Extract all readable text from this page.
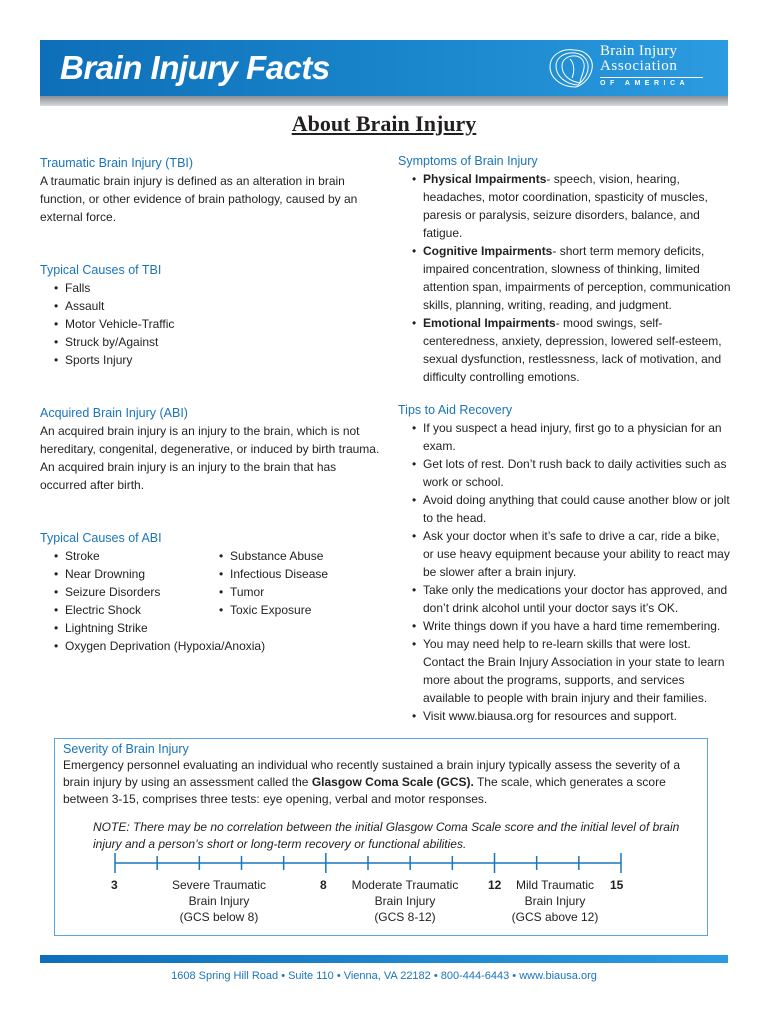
Brain Injury Facts	Brain Injury
Association
OF AMERICA
About Brain Injury
Traumatic Brain Injury (TBI)

A traumatic brain injury is defined as an alteration in brain function, or other evidence of brain pathology, caused by an external force.

Typical Causes of TBI
• Falls
• Assault
• Motor Vehicle-Traffic
• Struck by/Against
• Sports Injury
Acquired Brain Injury (ABI)

An acquired brain injury is an injury to the brain, which is not hereditary, congenital, degenerative, or induced by birth trauma. An acquired brain injury is an injury to the brain that has occurred after birth.

Typical Causes of ABI
• Stroke
• Near Drowning
• Seizure Disorders
• Electric Shock
• Substance Abuse
• Infectious Disease
• Tumor
• Toxic Exposure
• Lightning Strike
• Oxygen Deprivation (Hypoxia/Anoxia)
Symptoms of Brain Injury
• Physical Impairments- speech, vision, hearing, headaches, motor coordination, spasticity of muscles, paresis or paralysis, seizure disorders, balance, and fatigue.
• Cognitive Impairments- short term memory deficits, impaired concentration, slowness of thinking, limited attention span, impairments of perception, communication skills, planning, writing, reading, and judgment.
• Emotional Impairments- mood swings, self-centeredness, anxiety, depression, lowered self-esteem, sexual dysfunction, restlessness, lack of motivation, and difficulty controlling emotions.
Tips to Aid Recovery
• If you suspect a head injury, first go to a physician for an exam.
• Get lots of rest. Don’t rush back to daily activities such as work or school.
• Avoid doing anything that could cause another blow or jolt to the head.
• Ask your doctor when it’s safe to drive a car, ride a bike, or use heavy equipment because your ability to react may be slower after a brain injury.
• Take only the medications your doctor has approved, and don’t drink alcohol until your doctor says it’s OK.
• Write things down if you have a hard time remembering.
• You may need help to re-learn skills that were lost. Contact the Brain Injury Association in your state to learn more about the programs, supports, and services available to people with brain injury and their families.
• Visit www.biausa.org for resources and support.
Severity of Brain Injury
Emergency personnel evaluating an individual who recently sustained a brain injury typically assess the severity of a brain injury by using an assessment called the Glasgow Coma Scale (GCS). The scale, which generates a score between 3-15, comprises three tests: eye opening, verbal and motor responses.
NOTE: There may be no correlation between the initial Glasgow Coma Scale score and the initial level of brain injury and a person’s short or long-term recovery or functional abilities.
3	8	12	15
Severe Traumatic
Brain Injury
(GCS below 8)
Moderate Traumatic
Brain Injury
(GCS 8-12)
Mild Traumatic
Brain Injury
(GCS above 12)
1608 Spring Hill Road • Suite 110 • Vienna, VA 22182 • 800-444-6443 • www.biausa.org
